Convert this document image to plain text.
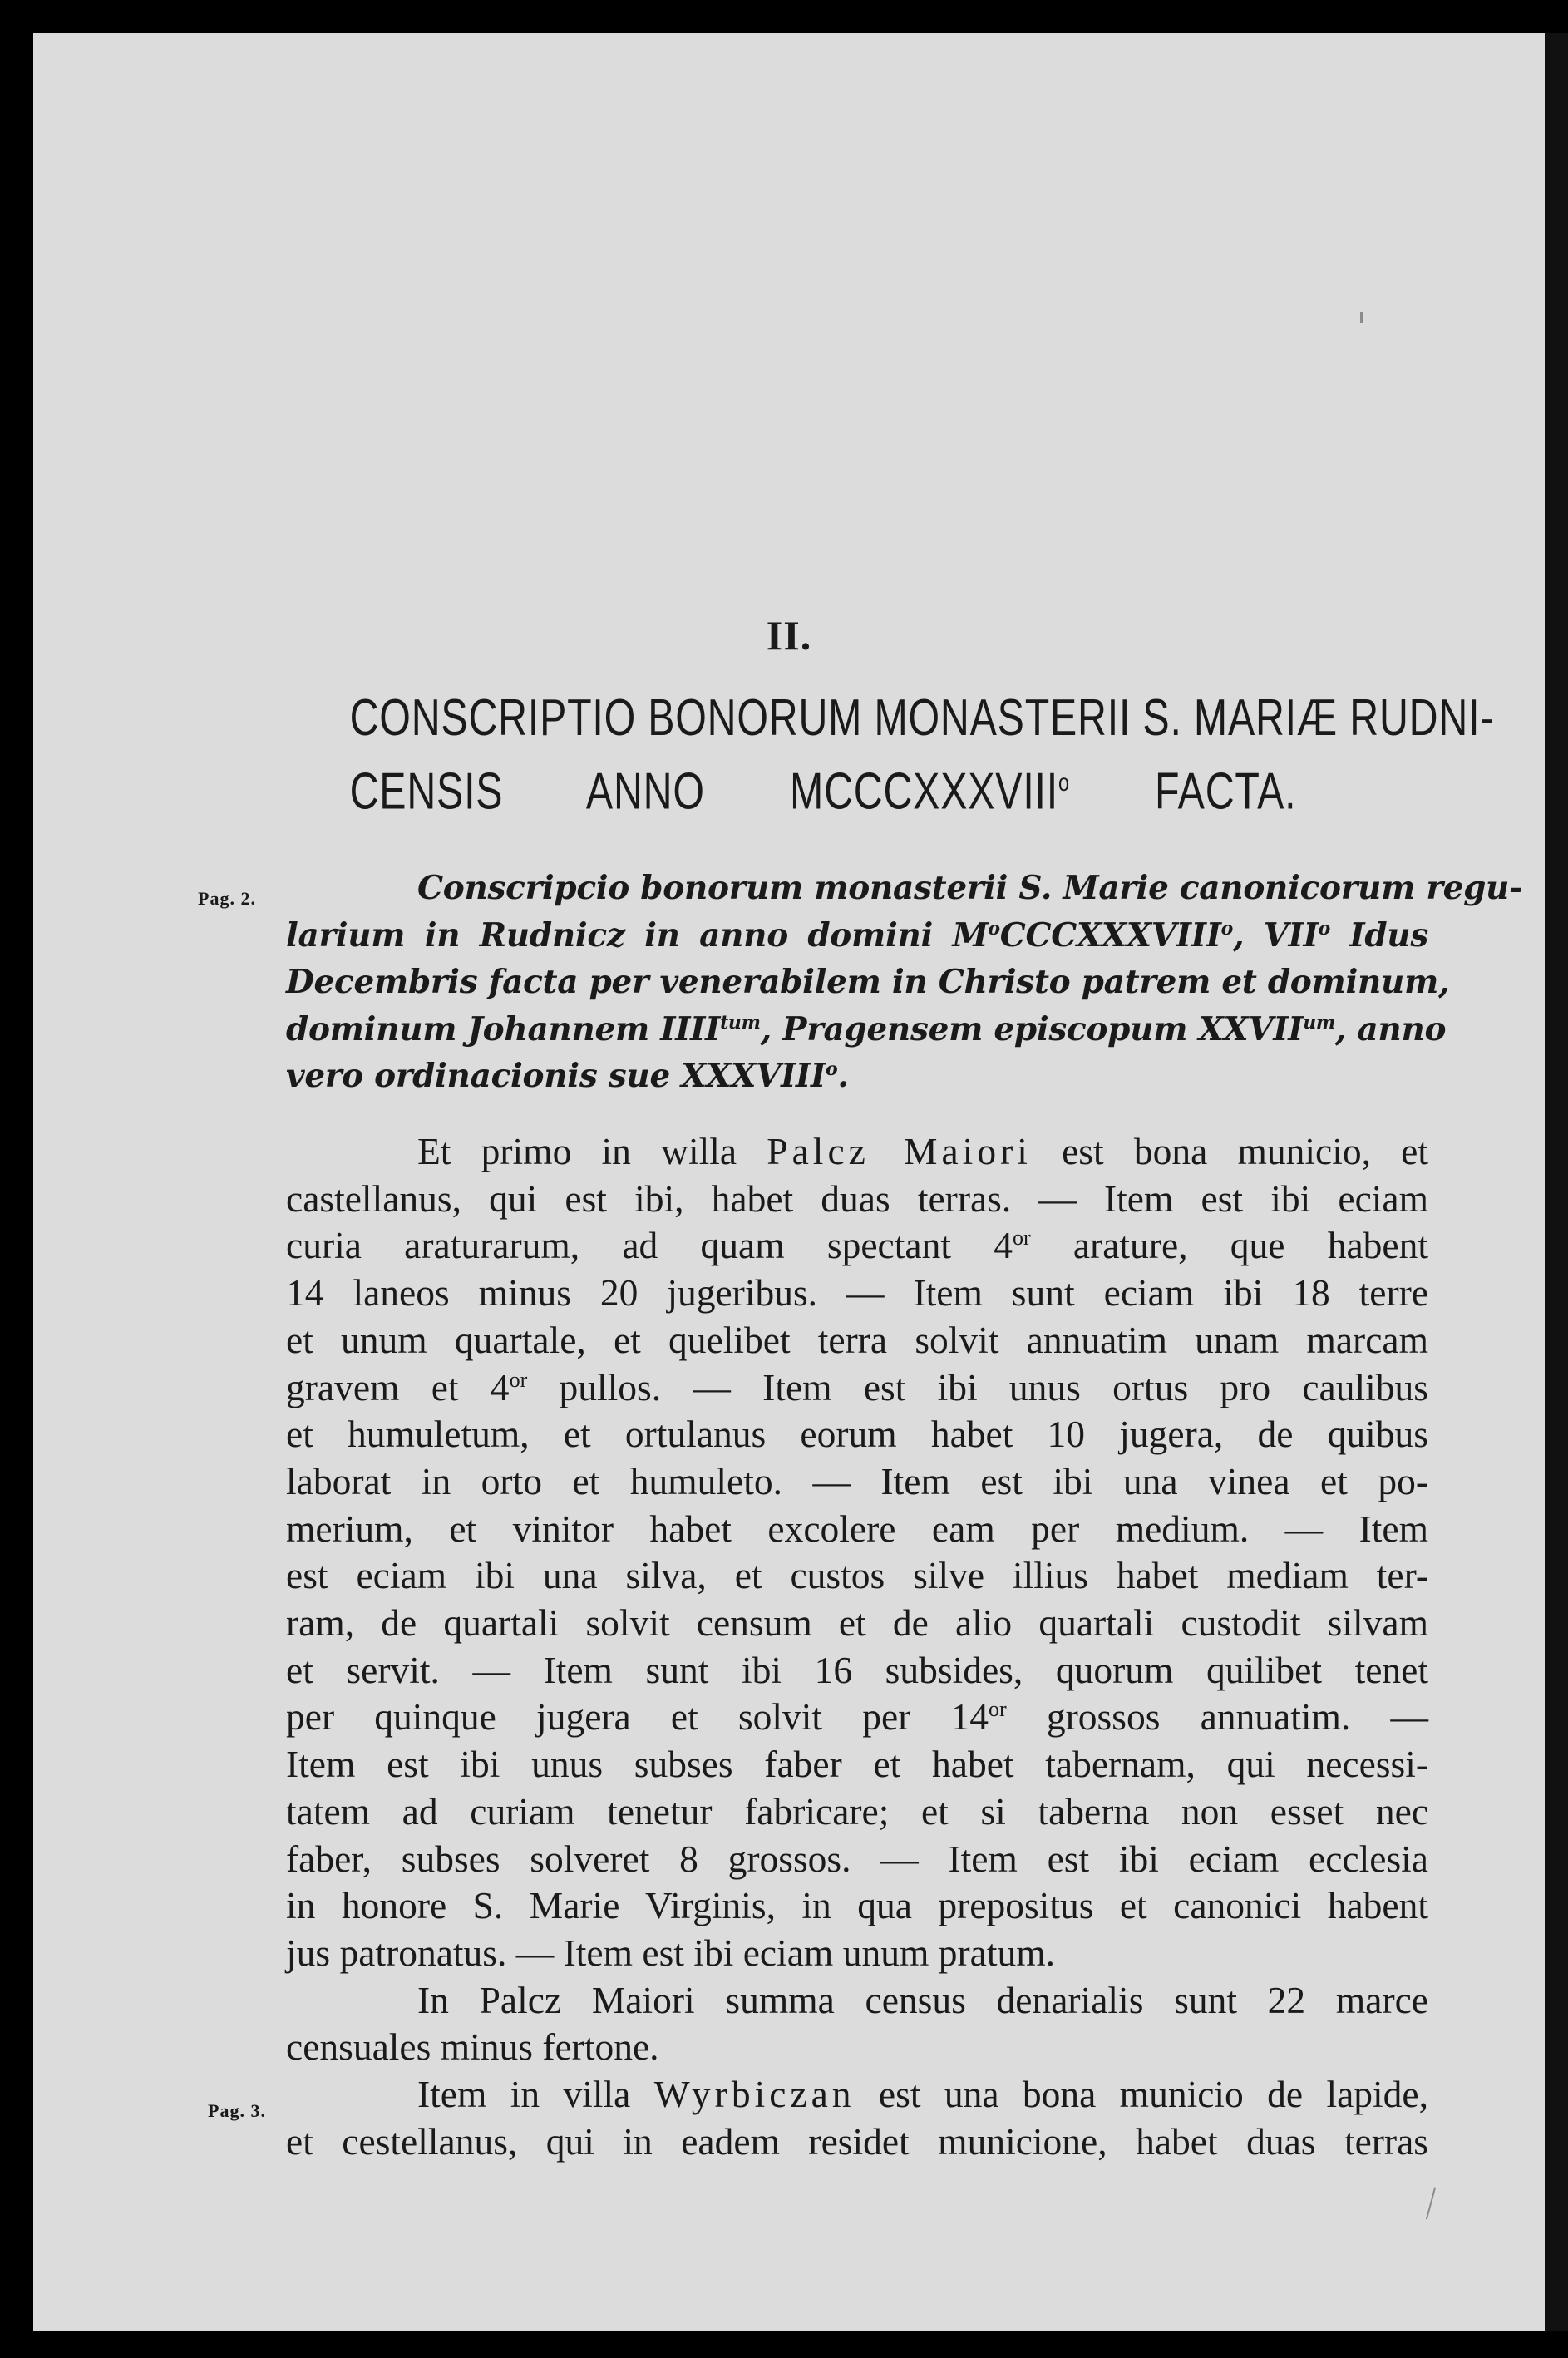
II.
CONSCRIPTIO BONORUM MONASTERII S. MARIÆ RUDNI-
CENSIS ANNO MCCCXXXVIII$^o$ FACTA.
Pag. 2.
Pag. 3.
Conscripcio bonorum monasterii S. Marie canonicorum regu-
larium in Rudnicz in anno domini $M^oCCCXXXVIII^o$, VII$^o$ Idus
Decembris facta per venerabilem in Christo patrem et dominum,
dominum Johannem $IIII^{tum}$, Pragensem episcopum $XXVII^{um}$, anno
vero ordinacionis sue XXXVIII$^o$.
Et primo in willa Palcz Maiori est bona municio, et
castellanus, qui est ibi, habet duas terras. — Item est ibi eciam
curia araturarum, ad quam spectant $4^{or}$ arature, que habent
14 laneos minus 20 jugeribus. — Item sunt eciam ibi 18 terre
et unum quartale, et quelibet terra solvit annuatim unam marcam
gravem et $4^{or}$ pullos. — Item est ibi unus ortus pro caulibus
et humuletum, et ortulanus eorum habet 10 jugera, de quibus
laborat in orto et humuleto. — Item est ibi una vinea et po-
merium, et vinitor habet excolere eam per medium. — Item
est eciam ibi una silva, et custos silve illius habet mediam ter-
ram, de quartali solvit censum et de alio quartali custodit silvam
et servit. — Item sunt ibi 16 subsides, quorum quilibet tenet
per quinque jugera et solvit per $14^{or}$ grossos annuatim. —
Item est ibi unus subses faber et habet tabernam, qui necessi-
tatem ad curiam tenetur fabricare; et si taberna non esset nec
faber, subses solveret 8 grossos. — Item est ibi eciam ecclesia
in honore S. Marie Virginis, in qua prepositus et canonici habent
jus patronatus. — Item est ibi eciam unum pratum.
In Palcz Maiori summa census denarialis sunt 22 marce
censuales minus fertone.
Item in villa Wyrbiczan est una bona municio de lapide,
et cestellanus, qui in eadem residet municione, habet duas terras
